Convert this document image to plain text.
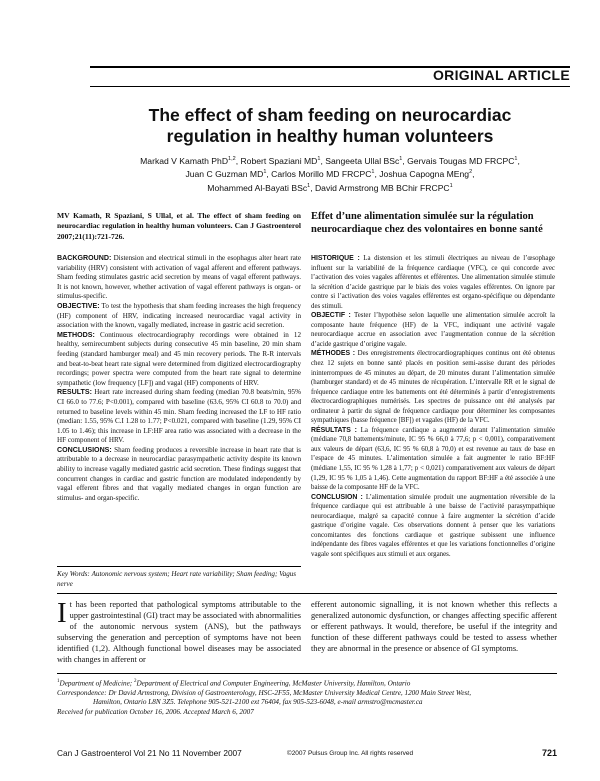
ORIGINAL ARTICLE
The effect of sham feeding on neurocardiac
regulation in healthy human volunteers
Markad V Kamath PhD$^{1,2}$, Robert Spaziani $MD^1$, Sangeeta Ullal BSc$^1$, Gervais Tougas MD FRCPC$^1$,
Juan C Guzman $MD^1$, Carlos Morillo MD FRCPC$^1$, Joshua Capogna MEng$^2$,
Mohammed Al-Bayati BSc$^1$, David Armstrong MB BChir FRCPC$^1$
MV Kamath, R Spaziani, S Ullal, et al. The effect of sham feeding on neurocardiac regulation in healthy human volunteers. Can J Gastroenterol 2007;21(11):721-726.
Effet d’une alimentation simulée sur la régulation neurocardiaque chez des volontaires en bonne santé

BACKGROUND: Distension and electrical stimuli in the esophagus alter heart rate variability (HRV) consistent with activation of vagal afferent and efferent pathways. Sham feeding stimulates gastric acid secretion by means of vagal efferent pathways. It is not known, however, whether activation of vagal efferent pathways is organ- or stimulus-specific.

OBJECTIVE: To test the hypothesis that sham feeding increases the high frequency (HF) component of HRV, indicating increased neurocardiac vagal activity in association with the known, vagally mediated, increase in gastric acid secretion.

METHODS: Continuous electrocardiography recordings were obtained in 12 healthy, semirecumbent subjects during consecutive 45 min baseline, 20 min sham feeding (standard hamburger meal) and 45 min recovery periods. The R-R intervals and beat-to-beat heart rate signal were determined from digitized electrocardiography recordings; power spectra were computed from the heart rate signal to determine sympathetic (low frequency [LF]) and vagal (HF) components of HRV.

RESULTS: Heart rate increased during sham feeding (median 70.8 beats/min, 95% CI 66.0 to 77.6; P<0.001), compared with baseline (63.6, 95% CI 60.8 to 70.0) and returned to baseline levels within 45 min. Sham feeding increased the LF to HF ratio (median: 1.55, 95% C.I 1.28 to 1.77; P<0.021, compared with baseline (1.29, 95% CI 1.05 to 1.46); this increase in LF:HF area ratio was associated with a decrease in the HF component of HRV.

CONCLUSIONS: Sham feeding produces a reversible increase in heart rate that is attributable to a decrease in neurocardiac parasympathetic activity despite its known ability to increase vagally mediated gastric acid secretion. These findings suggest that concurrent changes in cardiac and gastric function are modulated independently by vagal efferent fibres and that vagally mediated changes in organ function are stimulus- and organ-specific.

HISTORIQUE : La distension et les stimuli électriques au niveau de l’œsophage influent sur la variabilité de la fréquence cardiaque (VFC), ce qui concorde avec l’activation des voies vagales afférentes et efférentes. Une alimentation simulée stimule la sécrétion d’acide gastrique par le biais des voies vagales efférentes. On ignore par contre si l’activation des voies vagales efférentes est organo-spécifique ou dépendante des stimuli.

OBJECTIF : Tester l’hypothèse selon laquelle une alimentation simulée accroît la composante haute fréquence (HF) de la VFC, indiquant une activité vagale neurocardiaque accrue en association avec l’augmentation connue de la sécrétion d’acide gastrique d’origine vagale.

MÉTHODES : Des enregistrements électrocardiographiques continus ont été obtenus chez 12 sujets en bonne santé placés en position semi-assise durant des périodes ininterrompues de 45 minutes au départ, de 20 minutes durant l’alimentation simulée (hamburger standard) et de 45 minutes de récupération. L’intervalle RR et le signal de fréquence cardiaque entre les battements ont été déterminés à partir d’enregistrements électrocardiographiques numérisés. Les spectres de puissance ont été analysés par ordinateur à partir du signal de fréquence cardiaque pour déterminer les composantes sympathiques (basse fréquence [BF]) et vagales (HF) de la VFC.

RÉSULTATS : La fréquence cardiaque a augmenté durant l’alimentation simulée (médiane 70,8 battements/minute, IC 95 % 66,0 à 77,6; p < 0,001), comparativement aux valeurs de départ (63,6, IC 95 % 60,8 à 70,0) et est revenue au taux de base en l’espace de 45 minutes. L’alimentation simulée a fait augmenter le ratio BF:HF (médiane 1,55, IC 95 % 1,28 à 1,77; p < 0,021) comparativement aux valeurs de départ (1,29, IC 95 % 1,05 à 1,46). Cette augmentation du rapport BF:HF a été associée à une baisse de la composante HF de la VFC.

CONCLUSION : L’alimentation simulée produit une augmentation réversible de la fréquence cardiaque qui est attribuable à une baisse de l’activité parasympathique neurocardiaque, malgré sa capacité connue à faire augmenter la sécrétion d’acide gastrique d’origine vagale. Ces observations donnent à penser que les variations concomitantes des fonctions cardiaque et gastrique subissent une influence indépendante des fibres vagales efférentes et que les variations fonctionnelles d’origine vagale sont spécifiques aux stimuli et aux organes.

Key Words: Autonomic nervous system; Heart rate variability; Sham feeding; Vagus nerve
It has been reported that pathological symptoms attributable to the upper gastrointestinal (GI) tract may be associated with abnormalities of the autonomic nervous system (ANS), but the pathways subserving the generation and perception of symptoms have not been identified (1,2). Although functional bowel diseases may be associated with changes in afferent or
efferent autonomic signalling, it is not known whether this reflects a generalized autonomic dysfunction, or changes affecting specific afferent or efferent pathways. It would, therefore, be useful if the integrity and function of these different pathways could be tested to assess whether they are abnormal in the presence or absence of GI symptoms.
$^1$Department of Medicine; $^2$Department of Electrical and Computer Engineering, McMaster University, Hamilton, Ontario
Correspondence: Dr David Armstrong, Division of Gastroenterology, HSC-2F55, McMaster University Medical Centre, 1200 Main Street West,
Hamilton, Ontario L8N 3Z5. Telephone 905-521-2100 ext 76404, fax 905-523-6048, e-mail armstro@mcmaster.ca
Received for publication October 16, 2006. Accepted March 6, 2007
Can J Gastroenterol Vol 21 No 11 November 2007	©2007 Pulsus Group Inc. All rights reserved	721
